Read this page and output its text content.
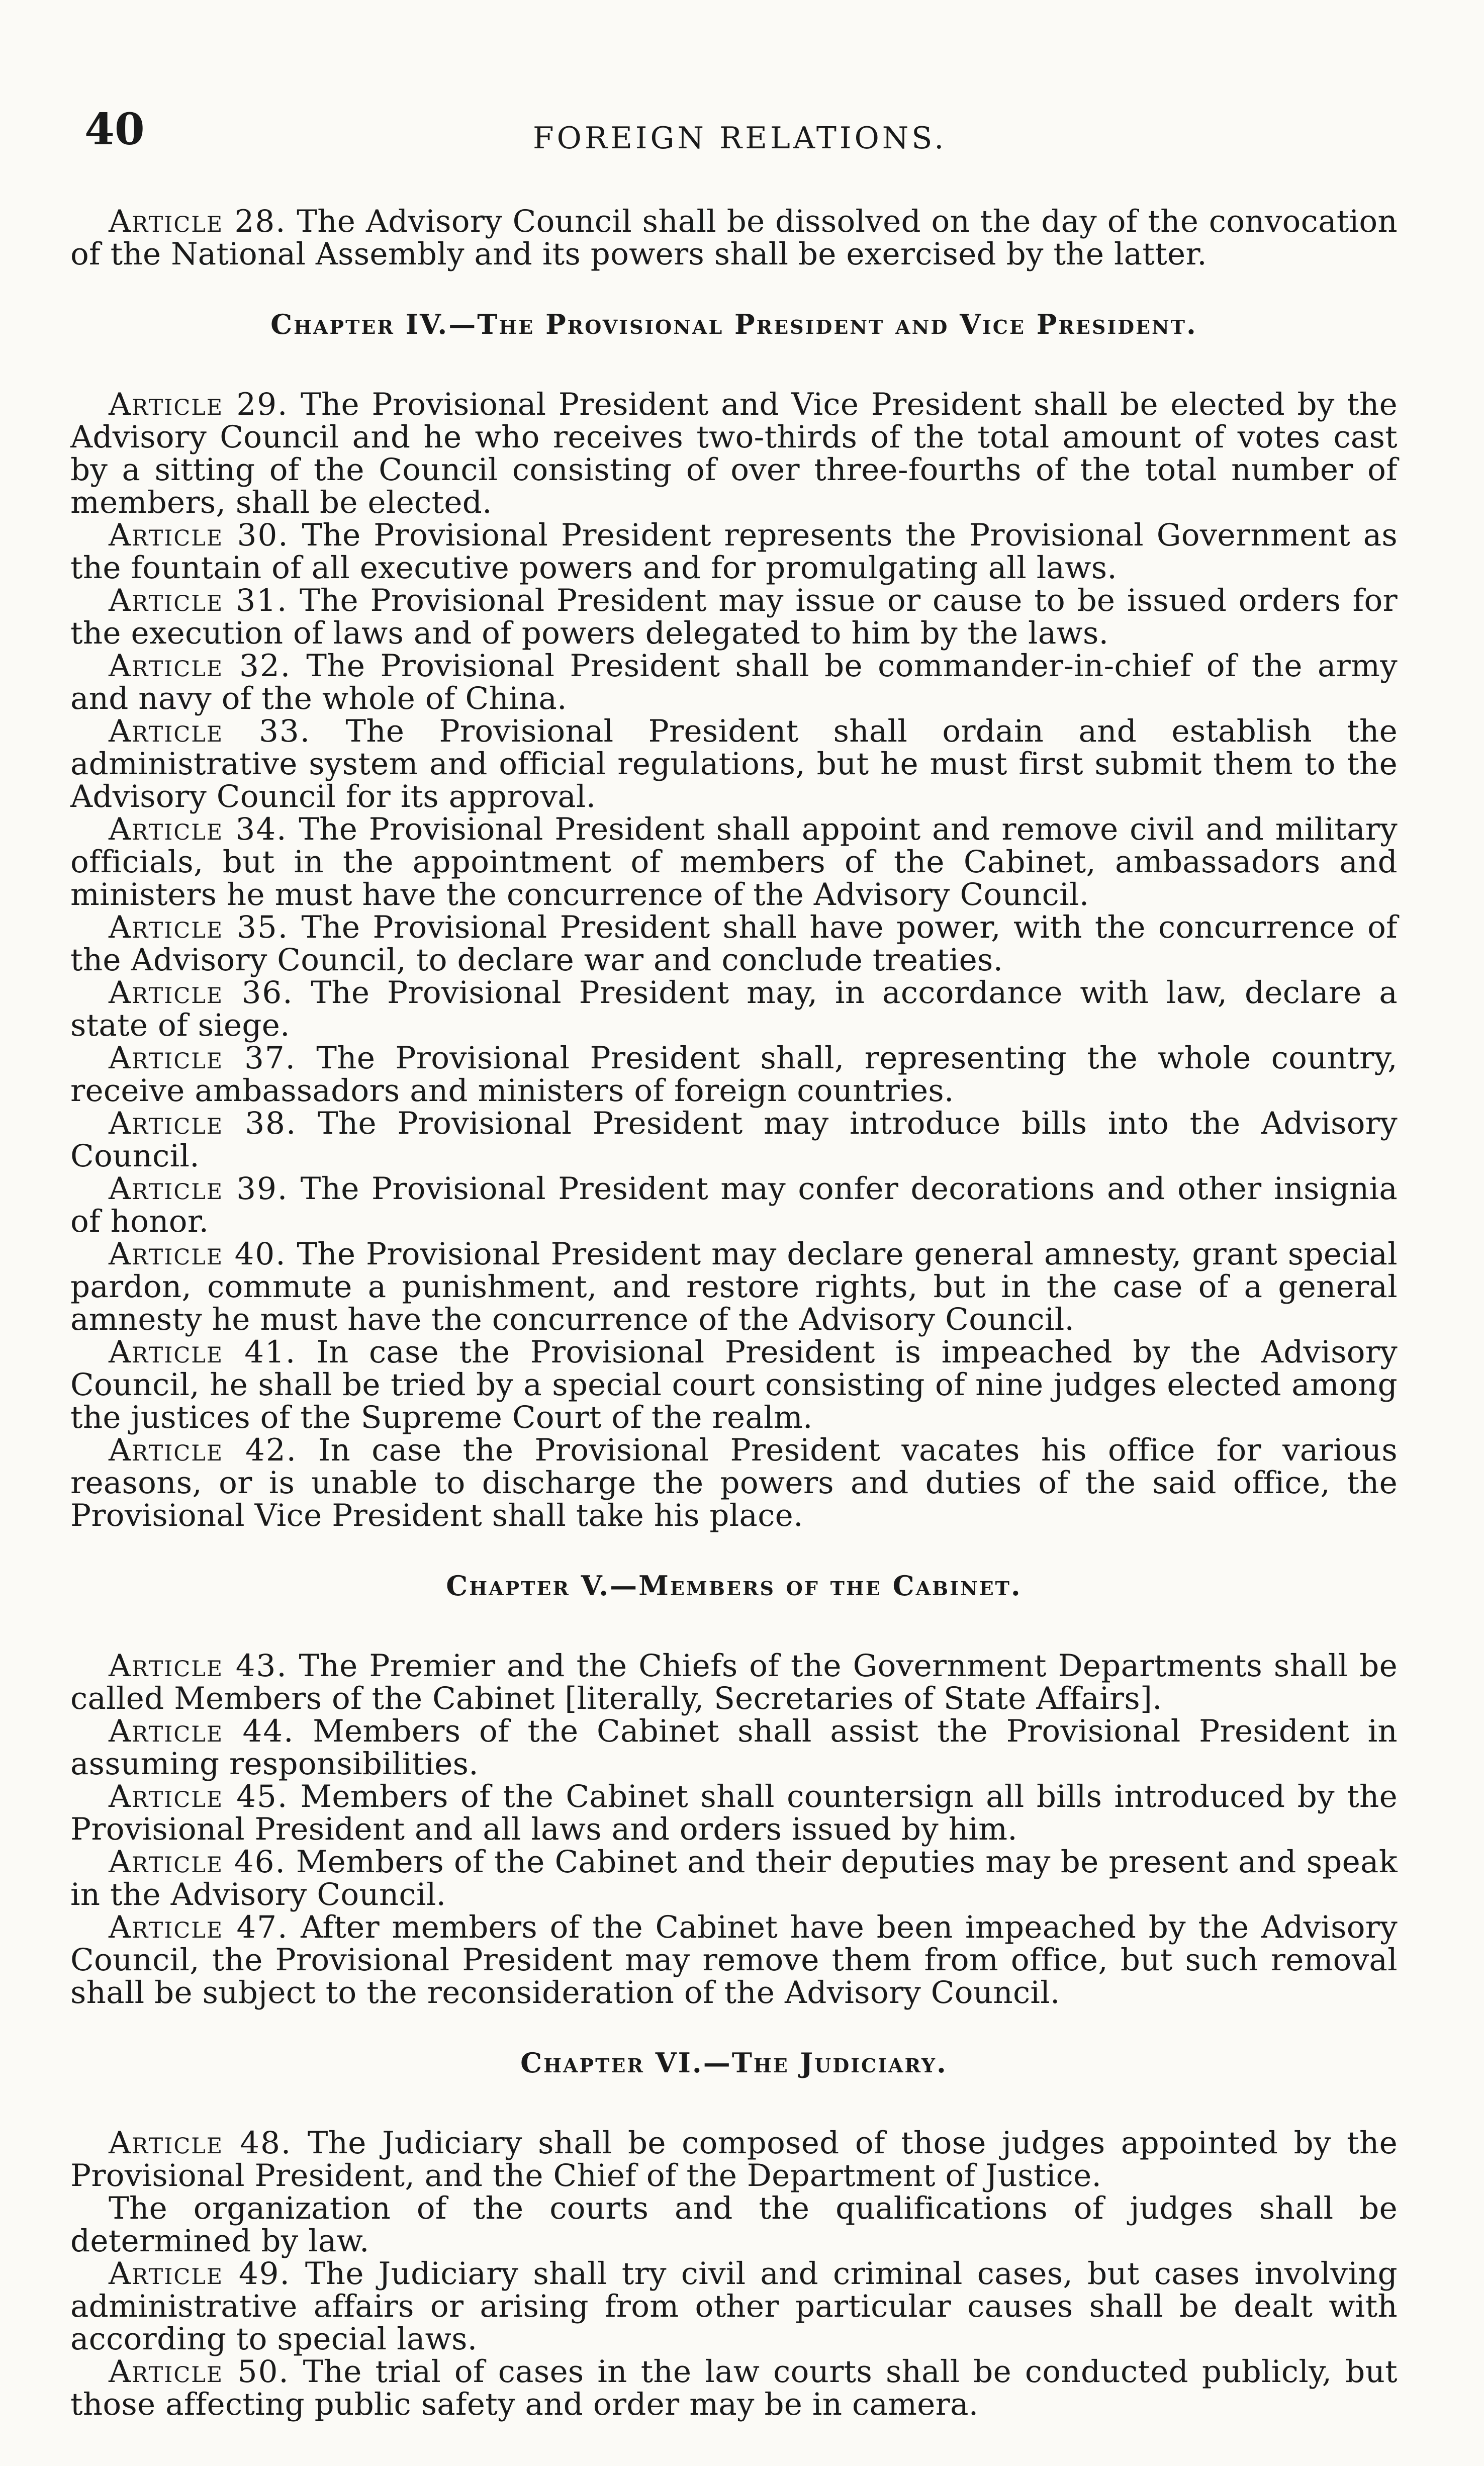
40	FOREIGN RELATIONS.

Article 28. The Advisory Council shall be dissolved on the day of the convocation of the National Assembly and its powers shall be exercised by the latter.

Chapter IV.—The Provisional President and Vice President.

Article 29. The Provisional President and Vice President shall be elected by the Advisory Council and he who receives two-thirds of the total amount of votes cast by a sitting of the Council consisting of over three-fourths of the total number of members, shall be elected.

Article 30. The Provisional President represents the Provisional Government as the fountain of all executive powers and for promulgating all laws.

Article 31. The Provisional President may issue or cause to be issued orders for the execution of laws and of powers delegated to him by the laws.

Article 32. The Provisional President shall be commander-in-chief of the army and navy of the whole of China.

Article 33. The Provisional President shall ordain and establish the administrative system and official regulations, but he must first submit them to the Advisory Council for its approval.

Article 34. The Provisional President shall appoint and remove civil and military officials, but in the appointment of members of the Cabinet, ambassadors and ministers he must have the concurrence of the Advisory Council.

Article 35. The Provisional President shall have power, with the concurrence of the Advisory Council, to declare war and conclude treaties.

Article 36. The Provisional President may, in accordance with law, declare a state of siege.

Article 37. The Provisional President shall, representing the whole country, receive ambassadors and ministers of foreign countries.

Article 38. The Provisional President may introduce bills into the Advisory Council.

Article 39. The Provisional President may confer decorations and other insignia of honor.

Article 40. The Provisional President may declare general amnesty, grant special pardon, commute a punishment, and restore rights, but in the case of a general amnesty he must have the concurrence of the Advisory Council.

Article 41. In case the Provisional President is impeached by the Advisory Council, he shall be tried by a special court consisting of nine judges elected among the justices of the Supreme Court of the realm.

Article 42. In case the Provisional President vacates his office for various reasons, or is unable to discharge the powers and duties of the said office, the Provisional Vice President shall take his place.

Chapter V.—Members of the Cabinet.

Article 43. The Premier and the Chiefs of the Government Departments shall be called Members of the Cabinet [literally, Secretaries of State Affairs].

Article 44. Members of the Cabinet shall assist the Provisional President in assuming responsibilities.

Article 45. Members of the Cabinet shall countersign all bills introduced by the Provisional President and all laws and orders issued by him.

Article 46. Members of the Cabinet and their deputies may be present and speak in the Advisory Council.

Article 47. After members of the Cabinet have been impeached by the Advisory Council, the Provisional President may remove them from office, but such removal shall be subject to the reconsideration of the Advisory Council.

Chapter VI.—The Judiciary.

Article 48. The Judiciary shall be composed of those judges appointed by the Provisional President, and the Chief of the Department of Justice.

The organization of the courts and the qualifications of judges shall be determined by law.

Article 49. The Judiciary shall try civil and criminal cases, but cases involving administrative affairs or arising from other particular causes shall be dealt with according to special laws.

Article 50. The trial of cases in the law courts shall be conducted publicly, but those affecting public safety and order may be in camera.
